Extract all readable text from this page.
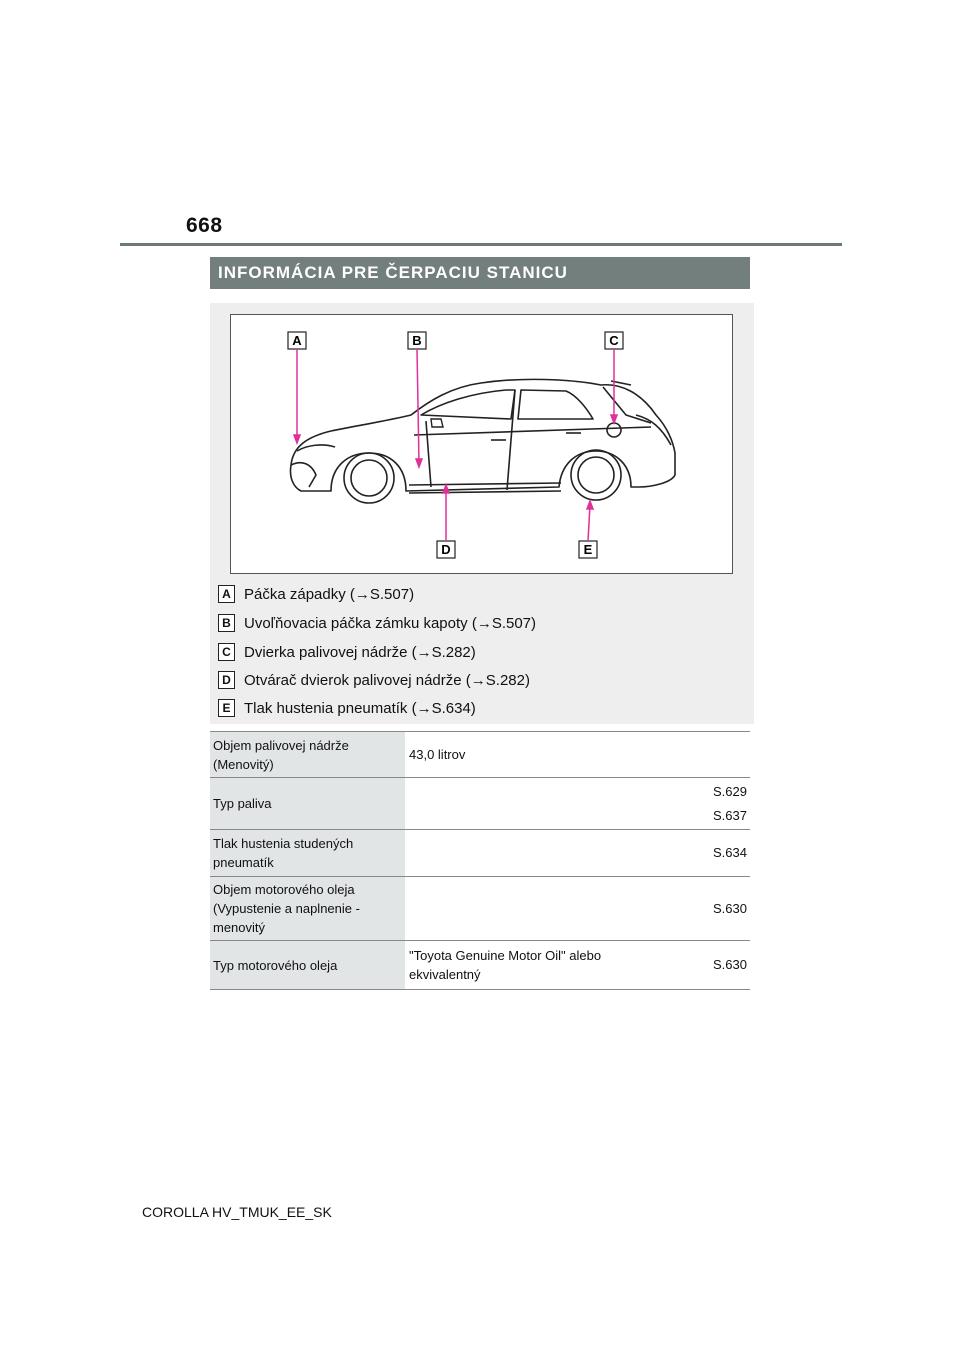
668
INFORMÁCIA PRE ČERPACIU STANICU
A	B	C
D	E
A Páčka západky (→S.507)
B Uvoľňovacia páčka zámku kapoty (→S.507)
C Dvierka palivovej nádrže (→S.282)
D Otvárač dvierok palivovej nádrže (→S.282)
E Tlak hustenia pneumatík (→S.634)
Objem palivovej nádrže (Menovitý)	43,0 litrov	
Typ paliva		S.629
S.637

Tlak hustenia studených pneumatík		S.634

Objem motorového oleja (Vypustenie a naplnenie - menovitý		S.630

Typ motorového oleja	"Toyota Genuine Motor Oil" alebo ekvivalentný	S.630
COROLLA HV_TMUK_EE_SK
